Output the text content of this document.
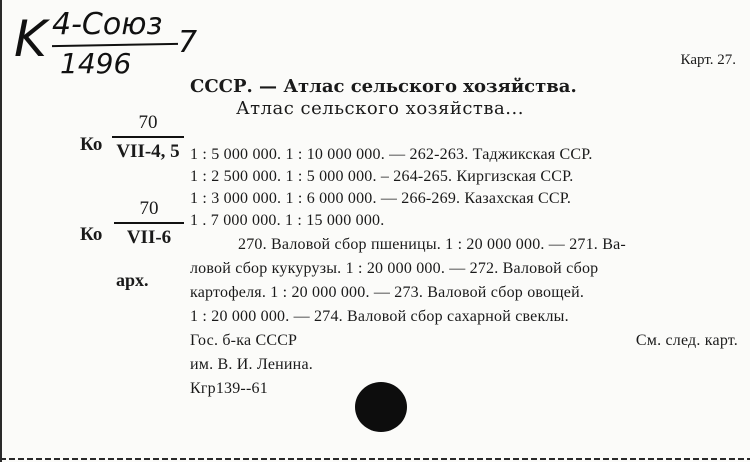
K 4-Союз
7
1496	Карт. 27.
СССР. — Атлас сельского хозяйства.
Атлас сельского хозяйства...
70
VII-4, 5
Ко
70
VII-6
Ко
арх.
1 : 5 000 000. 1 : 10 000 000. — 262-263. Таджикская ССР.
1 : 2 500 000. 1 : 5 000 000. – 264-265. Киргизская ССР.
1 : 3 000 000. 1 : 6 000 000. — 266-269. Казахская ССР.
1 . 7 000 000. 1 : 15 000 000.
270. Валовой сбор пшеницы. 1 : 20 000 000. — 271. Ва-
ловой сбор кукурузы. 1 : 20 000 000. — 272. Валовой сбор
картофеля. 1 : 20 000 000. — 273. Валовой сбор овощей.
1 : 20 000 000. — 274. Валовой сбор сахарной свеклы.
Гос. б-ка СССР	См. след. карт.
им. В. И. Ленина.
Кгр139--61
